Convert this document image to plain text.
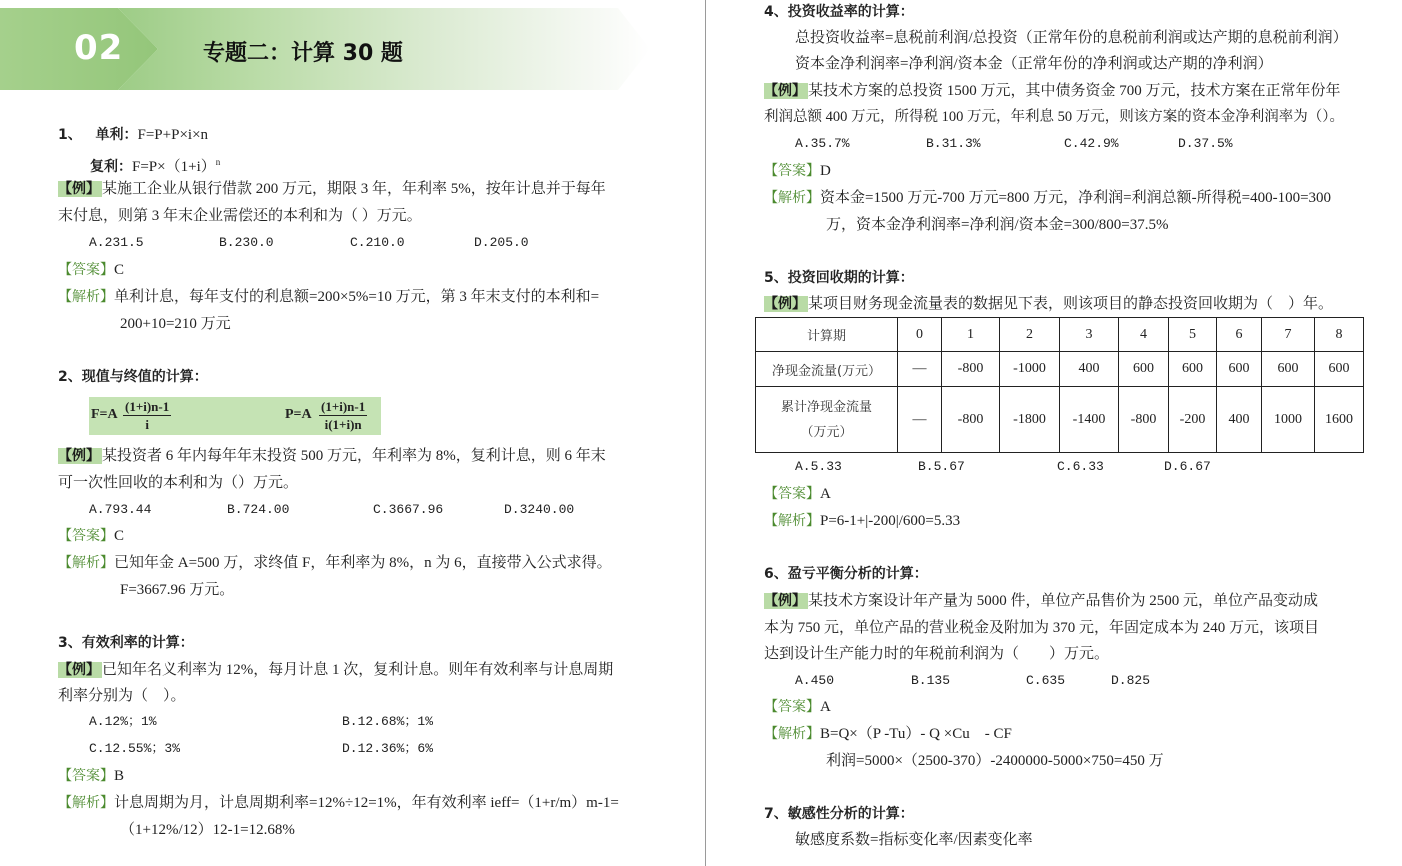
02	专题二：计算 30 题
1、 单利：F=P+P×i×n
复利：$F=P\times(1+i)^n$
【例】 某施工企业从银行借款 200 万元，期限 3 年，年利率 5%，按年计息并于每年
末付息，则第 3 年末企业需偿还的本利和为（ ）万元。
A.231.5	B.230.0	C.210.0	D.205.0
【答案】C
【解析】单利计息，每年支付的利息额=200×5%=10 万元，第 3 年末支付的本利和=
200+10=210 万元
2、现值与终值的计算：
$F=A \frac{(1+i)n-1}{i}$	$P=A \frac{(1+i)n-1}{i(1+i)n}$
【例】 某投资者 6 年内每年年末投资 500 万元，年利率为 8%，复利计息，则 6 年末
可一次性回收的本利和为（）万元。
A.793.44	B.724.00	C.3667.96	D.3240.00
【答案】C
【解析】已知年金 A=500 万，求终值 F，年利率为 8%，n 为 6，直接带入公式求得。
F=3667.96 万元。
3、有效利率的计算：
【例】 已知年名义利率为 12%，每月计息 1 次，复利计息。则年有效利率与计息周期
利率分别为（　）。
A.12%；1%	B.12.68%；1%
C.12.55%；3%	D.12.36%；6%
【答案】B
【解析】计息周期为月，计息周期利率=12%÷12=1%，年有效利率 ieff=（1+r/m）m-1=
（1+12%/12）12-1=12.68%
4、投资收益率的计算：
总投资收益率=息税前利润/总投资（正常年份的息税前利润或达产期的息税前利润）
资本金净利润率=净利润/资本金（正常年份的净利润或达产期的净利润）
【例】 某技术方案的总投资 1500 万元，其中债务资金 700 万元，技术方案在正常年份年
利润总额 400 万元，所得税 100 万元，年利息 50 万元，则该方案的资本金净利润率为（）。
A.35.7%	B.31.3%	C.42.9%	D.37.5%
【答案】D
【解析】资本金=1500 万元-700 万元=800 万元，净利润=利润总额-所得税=400-100=300
万，资本金净利润率=净利润/资本金=300/800=37.5%
5、投资回收期的计算：
【例】 某项目财务现金流量表的数据见下表，则该项目的静态投资回收期为（　）年。
计算期	0	1	2	3	4	5	6	7	8
净现金流量(万元）	—	-800	-1000	400	600	600	600	600	600

累计净现金流量
（万元）	—	-800	-1800	-1400	-800	-200	400	1000	1600
A.5.33	B.5.67	C.6.33	D.6.67
【答案】A
【解析】P=6-1+|-200|/600=5.33
6、盈亏平衡分析的计算：
【例】 某技术方案设计年产量为 5000 件，单位产品售价为 2500 元，单位产品变动成
本为 750 元，单位产品的营业税金及附加为 370 元，年固定成本为 240 万元，该项目
达到设计生产能力时的年税前利润为（　　）万元。
A.450	B.135	C.635	D.825
【答案】A
【解析】B=Q×（P -Tu）- Q ×Cu　- CF
利润=5000×（2500-370）-2400000-5000×750=450 万
7、敏感性分析的计算：
敏感度系数=指标变化率/因素变化率
